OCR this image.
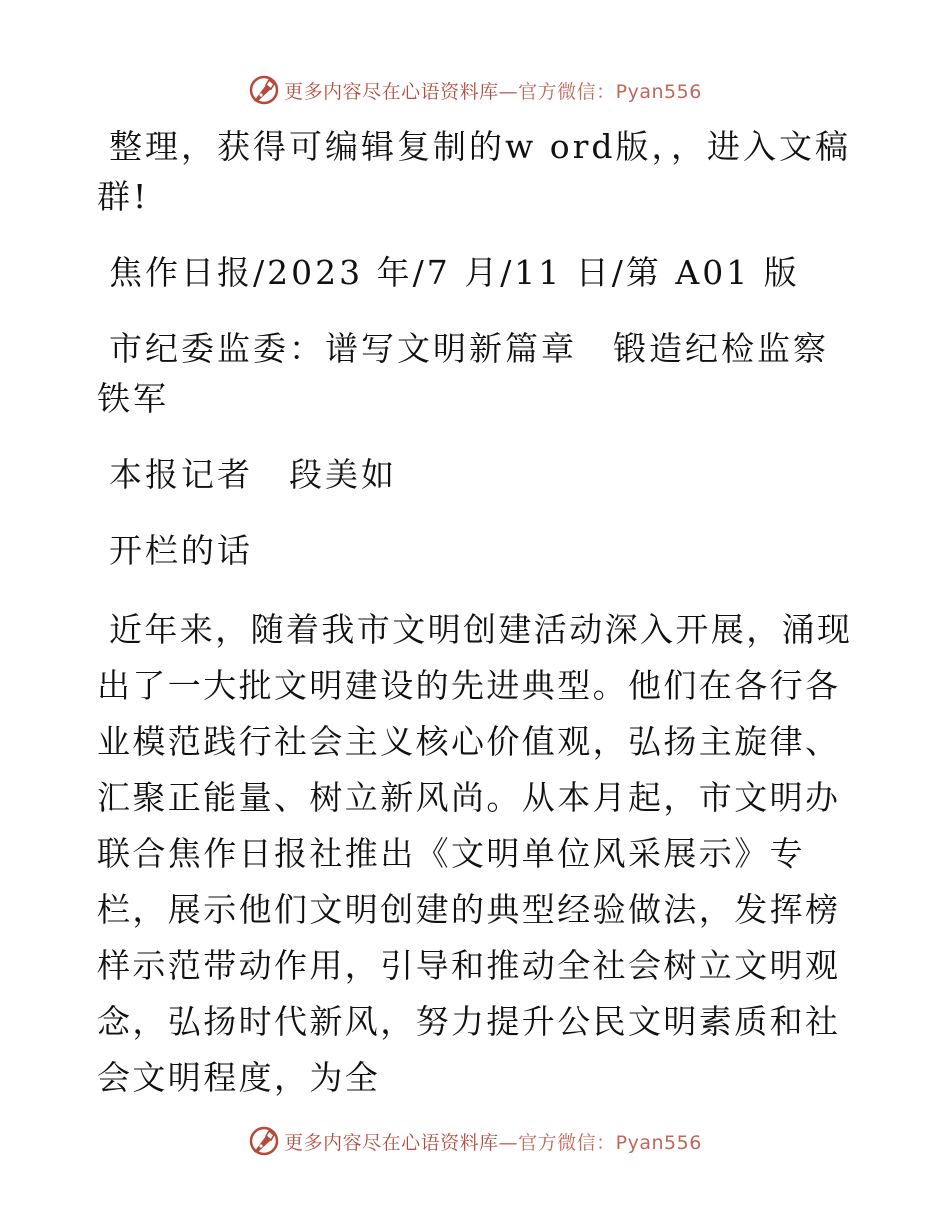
更多内容尽在心语资料库—官方微信：Pyan556

整理，获得可编辑复制的w ord版，，进入文稿群!

焦作日报/2023 年/7 月/11 日/第 A01 版

市纪委监委：谱写文明新篇章　锻造纪检监察铁军

本报记者　段美如

开栏的话

近年来，随着我市文明创建活动深入开展，涌现出了一大批文明建设的先进典型。他们在各行各业模范践行社会主义核心价值观，弘扬主旋律、汇聚正能量、树立新风尚。从本月起，市文明办联合焦作日报社推出《文明单位风采展示》专栏，展示他们文明创建的典型经验做法，发挥榜样示范带动作用，引导和推动全社会树立文明观念，弘扬时代新风，努力提升公民文明素质和社会文明程度，为全

更多内容尽在心语资料库—官方微信：Pyan556
